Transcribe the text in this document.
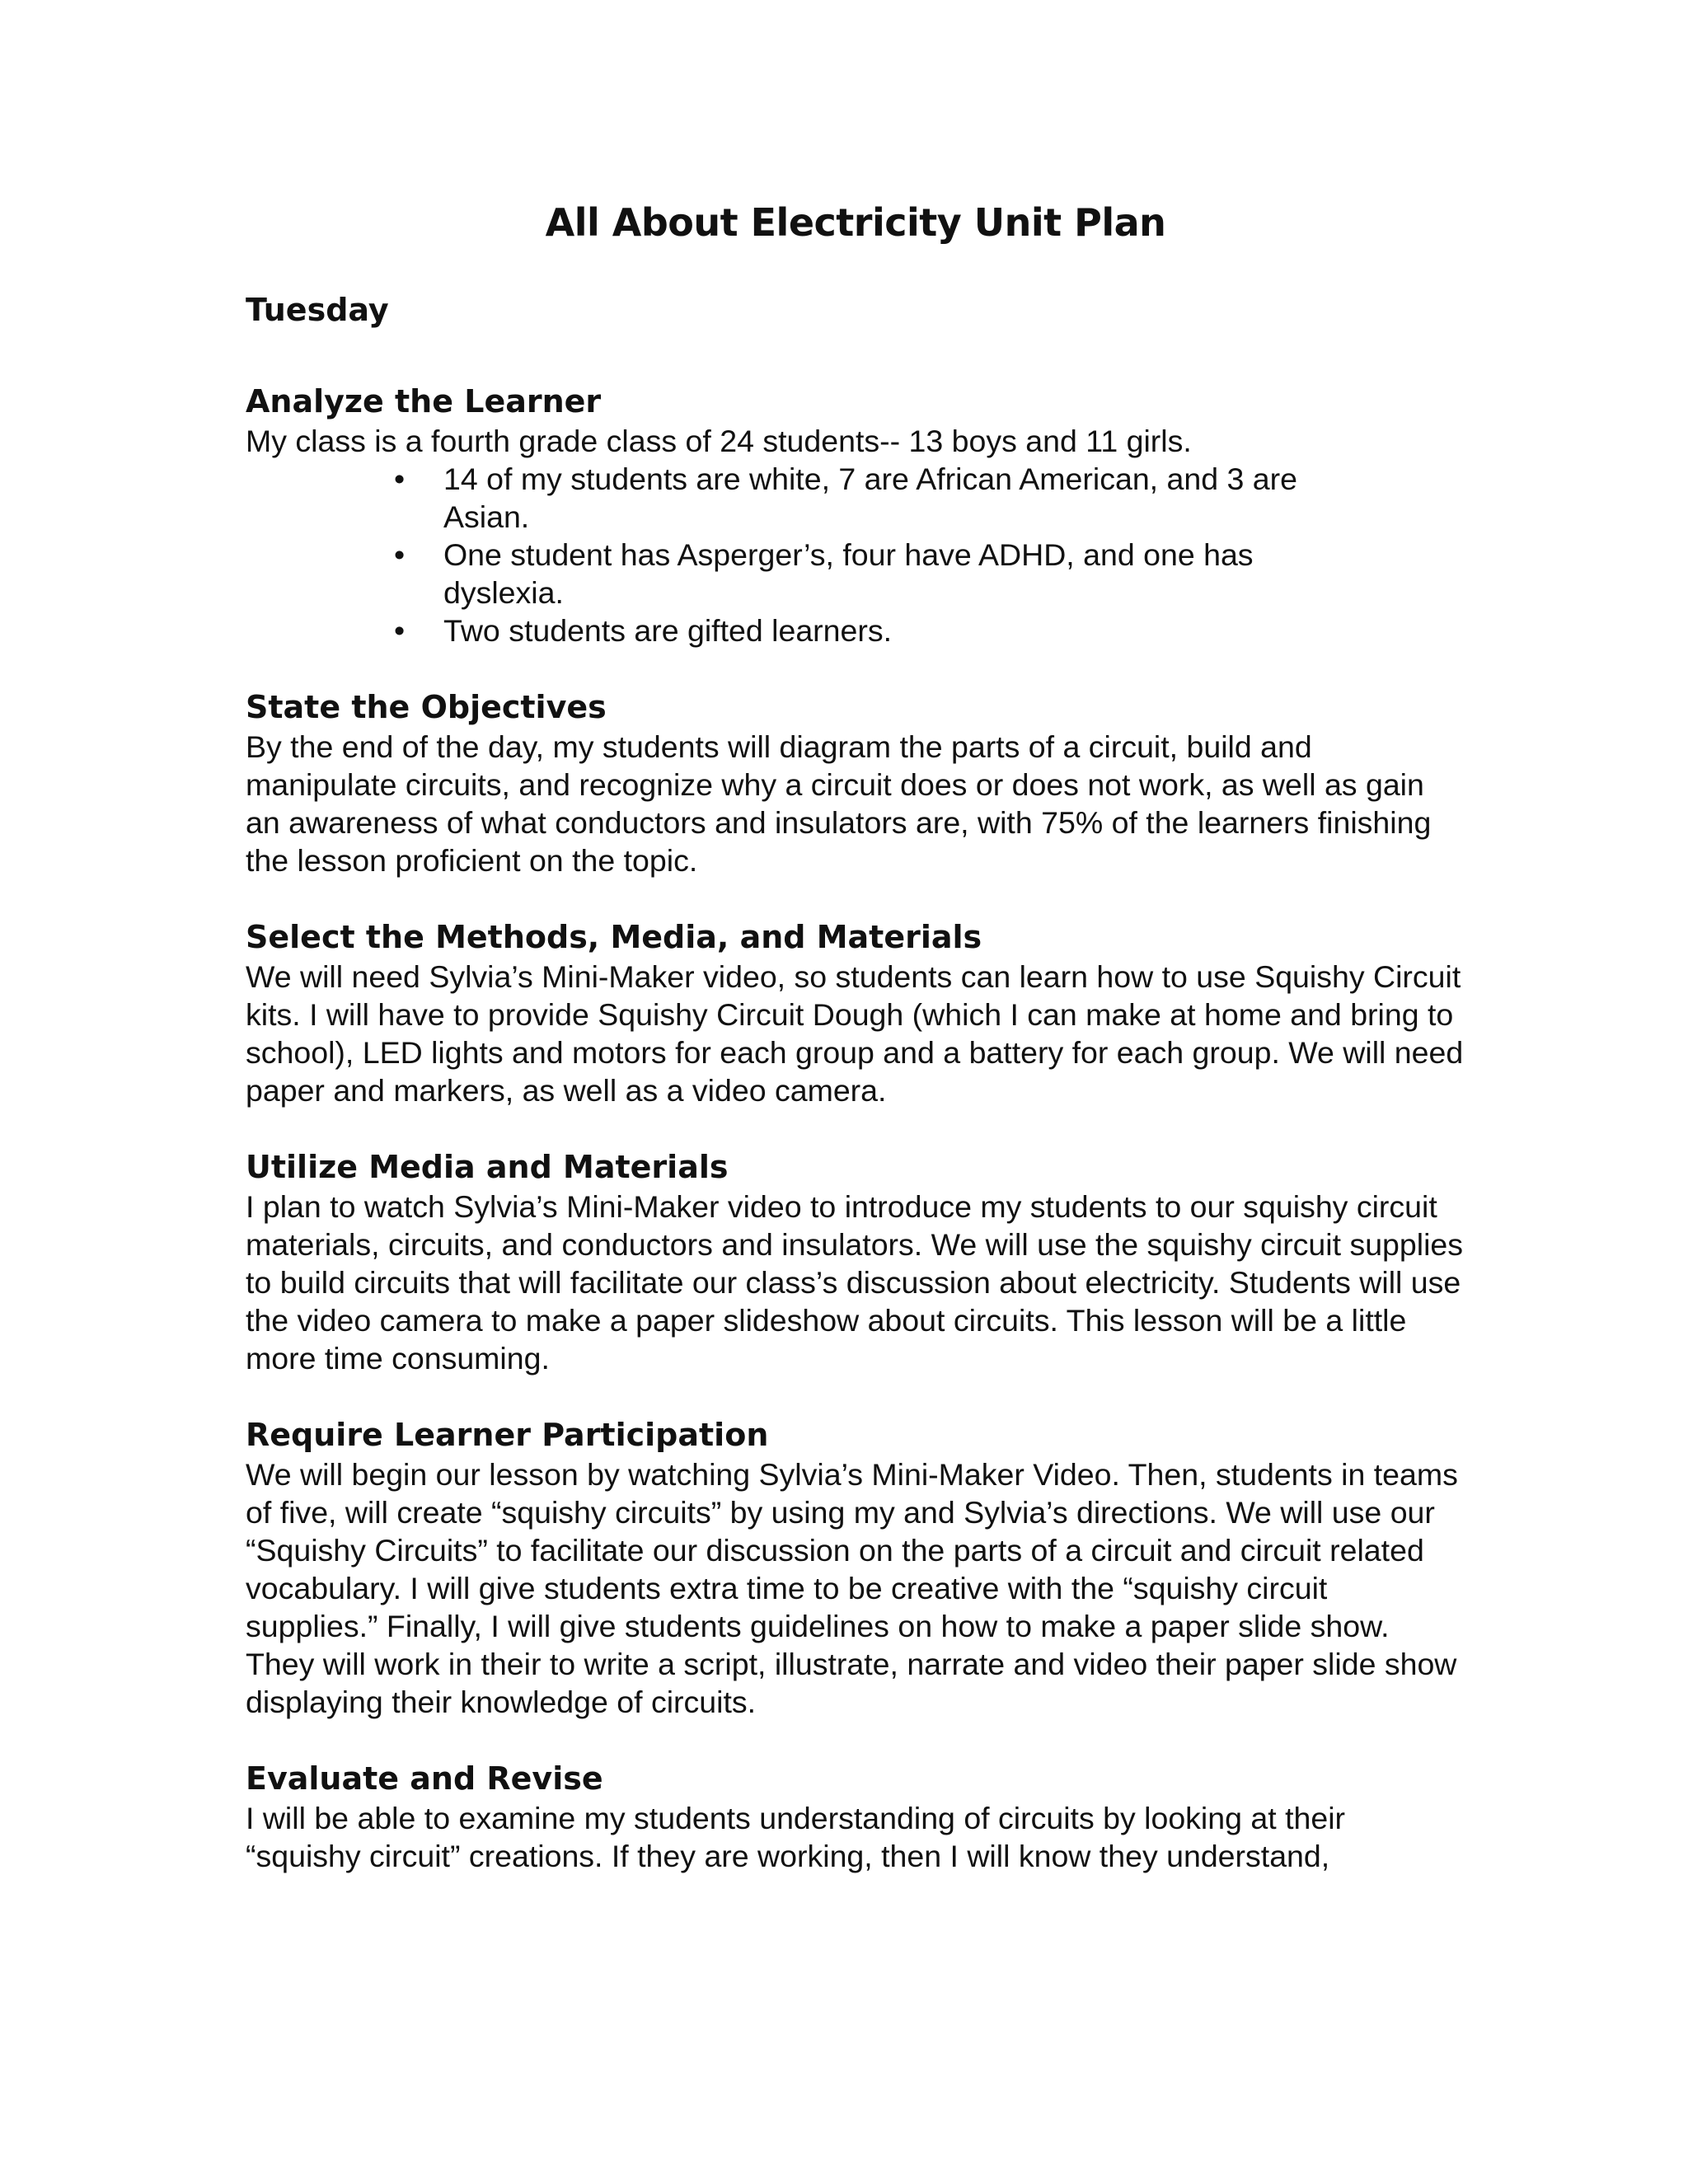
All About Electricity Unit Plan
Tuesday
Analyze the Learner

My class is a fourth grade class of 24 students-- 13 boys and 11 girls.

• 14 of my students are white, 7 are African American, and 3 are Asian.
• One student has Asperger’s, four have ADHD, and one has dyslexia.
• Two students are gifted learners.
State the Objectives

By the end of the day, my students will diagram the parts of a circuit, build and manipulate circuits, and recognize why a circuit does or does not work, as well as gain an awareness of what conductors and insulators are, with 75% of the learners finishing the lesson proficient on the topic.

Select the Methods, Media, and Materials

We will need Sylvia’s Mini-Maker video, so students can learn how to use Squishy Circuit kits. I will have to provide Squishy Circuit Dough (which I can make at home and bring to school), LED lights and motors for each group and a battery for each group. We will need paper and markers, as well as a video camera.

Utilize Media and Materials

I plan to watch Sylvia’s Mini-Maker video to introduce my students to our squishy circuit materials, circuits, and conductors and insulators. We will use the squishy circuit supplies to build circuits that will facilitate our class’s discussion about electricity. Students will use the video camera to make a paper slideshow about circuits. This lesson will be a little more time consuming.

Require Learner Participation

We will begin our lesson by watching Sylvia’s Mini-Maker Video. Then, students in teams of five, will create “squishy circuits” by using my and Sylvia’s directions. We will use our “Squishy Circuits” to facilitate our discussion on the parts of a circuit and circuit related vocabulary. I will give students extra time to be creative with the “squishy circuit supplies.” Finally, I will give students guidelines on how to make a paper slide show. They will work in their to write a script, illustrate, narrate and video their paper slide show displaying their knowledge of circuits.

Evaluate and Revise

I will be able to examine my students understanding of circuits by looking at their “squishy circuit” creations. If they are working, then I will know they understand,
